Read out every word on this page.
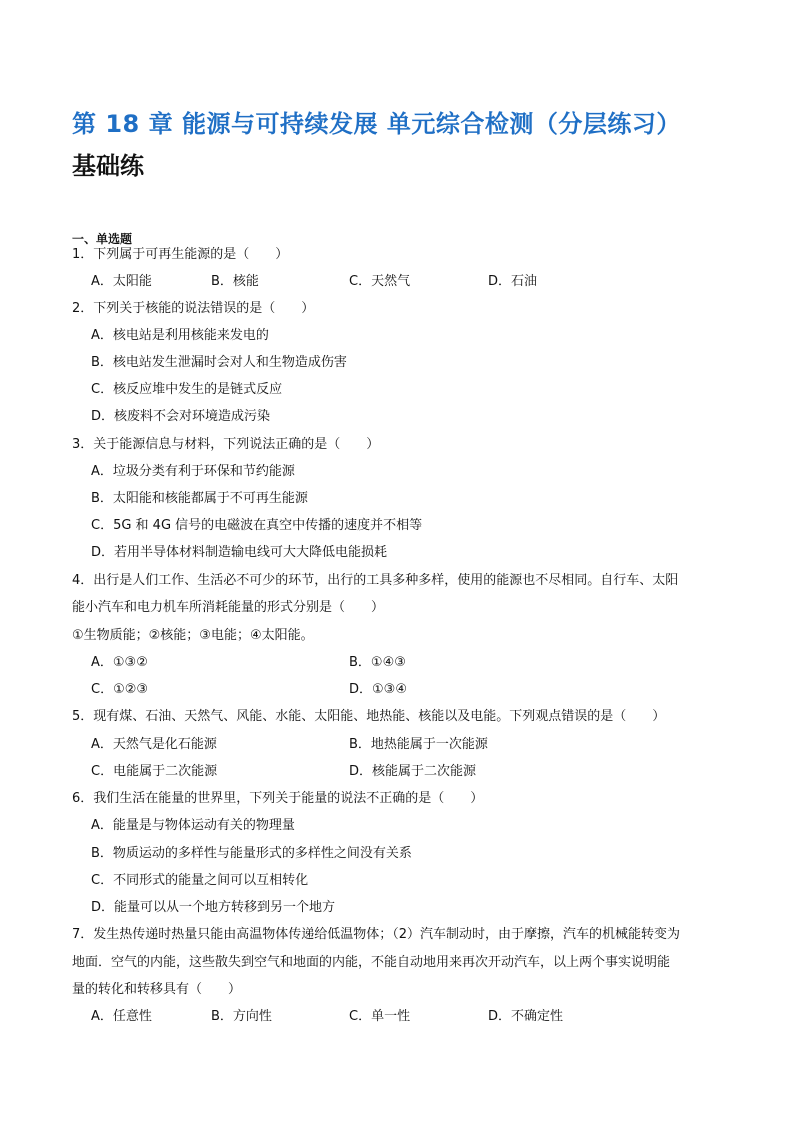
第 18 章 能源与可持续发展 单元综合检测（分层练习）
基础练
一、单选题
1．下列属于可再生能源的是（　　）
A．太阳能	B．核能	C．天然气	D．石油
2．下列关于核能的说法错误的是（　　）
A．核电站是利用核能来发电的
B．核电站发生泄漏时会对人和生物造成伤害
C．核反应堆中发生的是链式反应
D．核废料不会对环境造成污染
3．关于能源信息与材料，下列说法正确的是（　　）
A．垃圾分类有利于环保和节约能源
B．太阳能和核能都属于不可再生能源
C．5G 和 4G 信号的电磁波在真空中传播的速度并不相等
D．若用半导体材料制造输电线可大大降低电能损耗
4．出行是人们工作、生活必不可少的环节，出行的工具多种多样，使用的能源也不尽相同。自行车、太阳
能小汽车和电力机车所消耗能量的形式分别是（　　）
①生物质能；②核能；③电能；④太阳能。
A．①③②	B．①④③
C．①②③	D．①③④
5．现有煤、石油、天然气、风能、水能、太阳能、地热能、核能以及电能。下列观点错误的是（　　）
A．天然气是化石能源	B．地热能属于一次能源
C．电能属于二次能源	D．核能属于二次能源
6．我们生活在能量的世界里，下列关于能量的说法不正确的是（　　）
A．能量是与物体运动有关的物理量
B．物质运动的多样性与能量形式的多样性之间没有关系
C．不同形式的能量之间可以互相转化
D．能量可以从一个地方转移到另一个地方
7．发生热传递时热量只能由高温物体传递给低温物体；（2）汽车制动时，由于摩擦，汽车的机械能转变为
地面．空气的内能，这些散失到空气和地面的内能，不能自动地用来再次开动汽车，以上两个事实说明能
量的转化和转移具有（　　）
A．任意性	B．方向性	C．单一性	D．不确定性
